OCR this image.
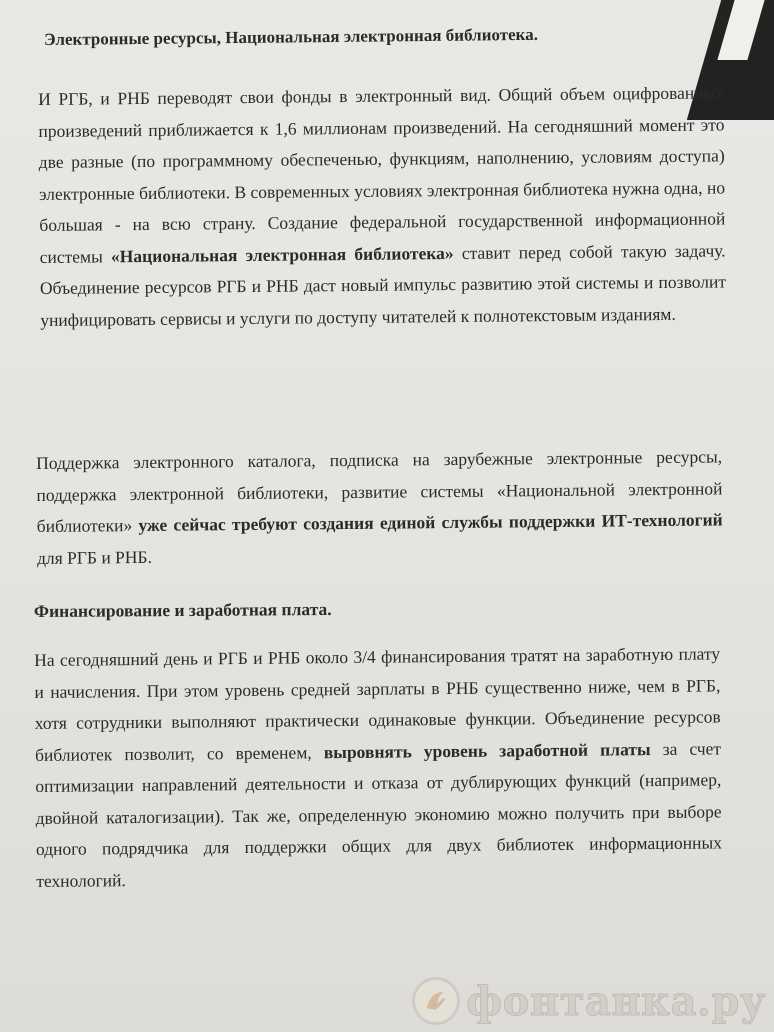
Электронные ресурсы, Национальная электронная библиотека.
И РГБ, и РНБ переводят свои фонды в электронный вид. Общий объем оцифрованных произведений приближается к 1,6 миллионам произведений. На сегодняшний момент это две разные (по программному обеспеченью, функциям, наполнению, условиям доступа) электронные библиотеки. В современных условиях электронная библиотека нужна одна, но большая - на всю страну. Создание федеральной государственной информационной системы «Национальная электронная библиотека» ставит перед собой такую задачу. Объединение ресурсов РГБ и РНБ даст новый импульс развитию этой системы и позволит унифицировать сервисы и услуги по доступу читателей к полнотекстовым изданиям.
Поддержка электронного каталога, подписка на зарубежные электронные ресурсы, поддержка электронной библиотеки, развитие системы «Национальной электронной библиотеки» уже сейчас требуют создания единой службы поддержки ИТ-технологий для РГБ и РНБ.
Финансирование и заработная плата.
На сегодняшний день и РГБ и РНБ около 3/4 финансирования тратят на заработную плату и начисления. При этом уровень средней зарплаты в РНБ существенно ниже, чем в РГБ, хотя сотрудники выполняют практически одинаковые функции. Объединение ресурсов библиотек позволит, со временем, выровнять уровень заработной платы за счет оптимизации направлений деятельности и отказа от дублирующих функций (например, двойной каталогизации). Так же, определенную экономию можно получить при выборе одного подрядчика для поддержки общих для двух библиотек информационных технологий.
фонтанка.ру
